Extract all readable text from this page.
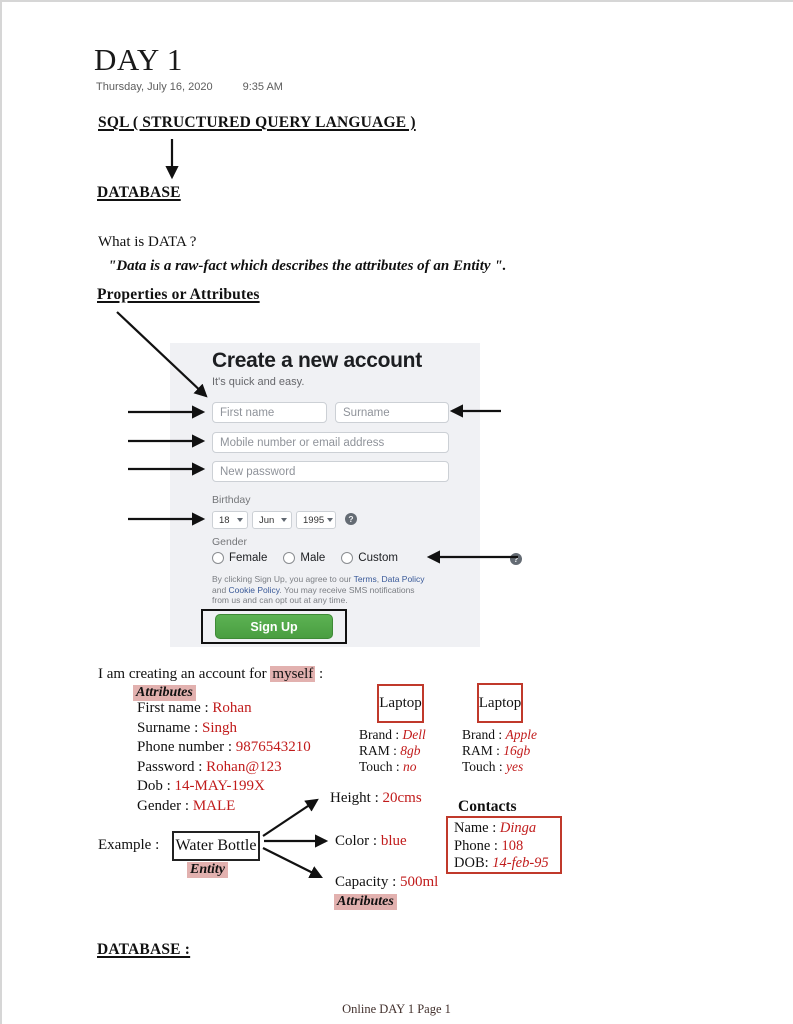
DAY 1
Thursday, July 16, 2020	9:35 AM
SQL ( STRUCTURED QUERY LANGUAGE )
DATABASE
What is DATA ?
"Data is a raw-fact which describes the attributes of an Entity ".
Properties or Attributes
Create a new account
It's quick and easy.
First name
Surname
Mobile number or email address
New password
Birthday
18	Jun	1995	?
Gender
Female	Male	Custom	?
By clicking Sign Up, you agree to our Terms, Data Policy and Cookie Policy. You may receive SMS notifications from us and can opt out at any time.
Sign Up
I am creating an account for myself :
Attributes
First name : Rohan
Surname : Singh
Phone number : 9876543210
Password : Rohan@123
Dob : 14-MAY-199X
Gender : MALE
Laptop
Brand : Dell
RAM : 8gb
Touch : no
Laptop
Brand : Apple
RAM : 16gb
Touch : yes
Example : Water Bottle
Entity
Height : 20cms
Color : blue
Capacity : 500ml
Attributes
Contacts
Name : Dinga
Phone : 108
DOB: 14-feb-95
DATABASE :
Online DAY 1 Page 1
